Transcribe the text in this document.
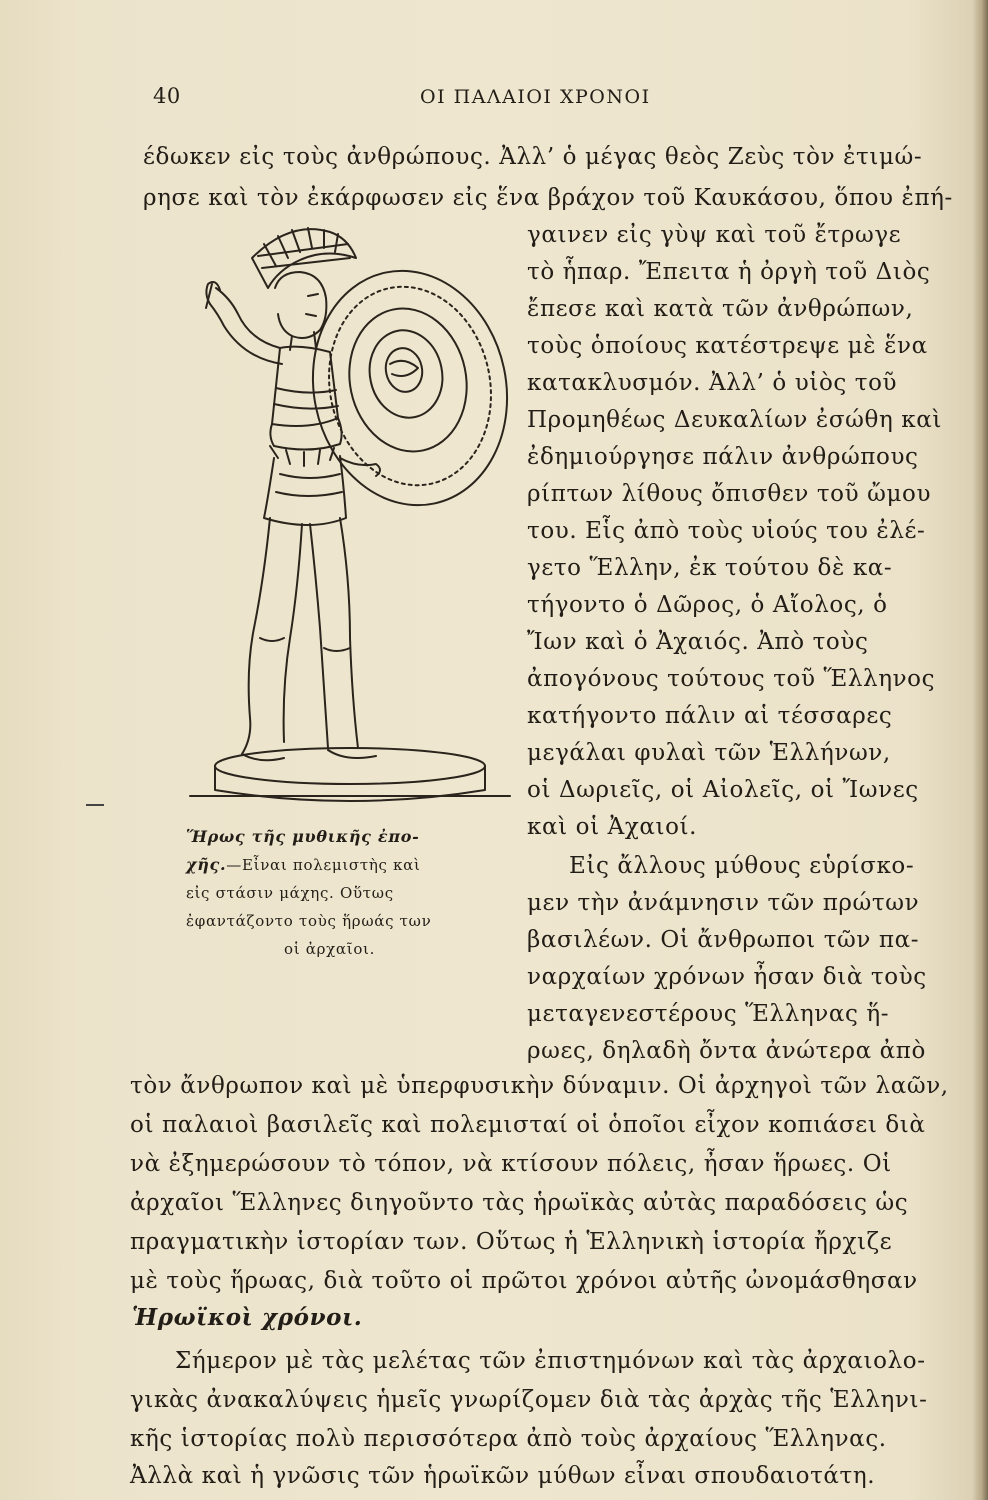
40	ΟΙ ΠΑΛΑΙΟΙ ΧΡΟΝΟΙ
έδωκεν εἰς τοὺς ἀνθρώπους. Ἀλλ’ ὁ μέγας θεὸς Ζεὺς τὸν ἐτιμώ-
ρησε καὶ τὸν ἐκάρφωσεν εἰς ἕνα βράχον τοῦ Καυκάσου, ὅπου ἐπή-
γαινεν εἰς γὺψ καὶ τοῦ ἔτρωγε
τὸ ἧπαρ. Ἔπειτα ἡ ὀργὴ τοῦ Διὸς
ἔπεσε καὶ κατὰ τῶν ἀνθρώπων,
τοὺς ὁποίους κατέστρεψε μὲ ἕνα
κατακλυσμόν. Ἀλλ’ ὁ υἱὸς τοῦ
Προμηθέως Δευκαλίων ἐσώθη καὶ
ἐδημιούργησε πάλιν ἀνθρώπους
ρίπτων λίθους ὄπισθεν τοῦ ὤμου
του. Εἷς ἀπὸ τοὺς υἱούς του ἐλέ-
γετο Ἕλλην, ἐκ τούτου δὲ κα-
τήγοντο ὁ Δῶρος, ὁ Αἴολος, ὁ
Ἴων καὶ ὁ Ἀχαιός. Ἀπὸ τοὺς
ἀπογόνους τούτους τοῦ Ἕλληνος
κατήγοντο πάλιν αἱ τέσσαρες
μεγάλαι φυλαὶ τῶν Ἑλλήνων,
οἱ Δωριεῖς, οἱ Αἰολεῖς, οἱ Ἴωνες
καὶ οἱ Ἀχαιοί.
Εἰς ἄλλους μύθους εὑρίσκο-
μεν τὴν ἀνάμνησιν τῶν πρώτων
βασιλέων. Οἱ ἄνθρωποι τῶν πα-
ναρχαίων χρόνων ἦσαν διὰ τοὺς
μεταγενεστέρους Ἕλληνας ἥ-
ρωες, δηλαδὴ ὄντα ἀνώτερα ἀπὸ
τὸν ἄνθρωπον καὶ μὲ ὑπερφυσικὴν δύναμιν. Οἱ ἀρχηγοὶ τῶν λαῶν,
οἱ παλαιοὶ βασιλεῖς καὶ πολεμισταί οἱ ὁποῖοι εἶχον κοπιάσει διὰ
νὰ ἐξημερώσουν τὸ τόπον, νὰ κτίσουν πόλεις, ἦσαν ἥρωες. Οἱ
ἀρχαῖοι Ἕλληνες διηγοῦντο τὰς ἡρωϊκὰς αὐτὰς παραδόσεις ὡς
πραγματικὴν ἱστορίαν των. Οὕτως ἡ Ἑλληνικὴ ἱστορία ἤρχιζε
μὲ τοὺς ἥρωας, διὰ τοῦτο οἱ πρῶτοι χρόνοι αὐτῆς ὠνομάσθησαν
Ἡρωϊκοὶ χρόνοι.
Σήμερον μὲ τὰς μελέτας τῶν ἐπιστημόνων καὶ τὰς ἀρχαιολο-
γικὰς ἀνακαλύψεις ἡμεῖς γνωρίζομεν διὰ τὰς ἀρχὰς τῆς Ἑλληνι-
κῆς ἱστορίας πολὺ περισσότερα ἀπὸ τοὺς ἀρχαίους Ἕλληνας.
Ἀλλὰ καὶ ἡ γνῶσις τῶν ἡρωϊκῶν μύθων εἶναι σπουδαιοτάτη.
Ἥρως τῆς μυθικῆς ἐπο-
χῆς.—Εἶναι πολεμιστὴς καὶ
εἰς στάσιν μάχης. Οὕτως
ἐφαντάζοντο τοὺς ἥρωάς των
οἱ ἀρχαῖοι.
